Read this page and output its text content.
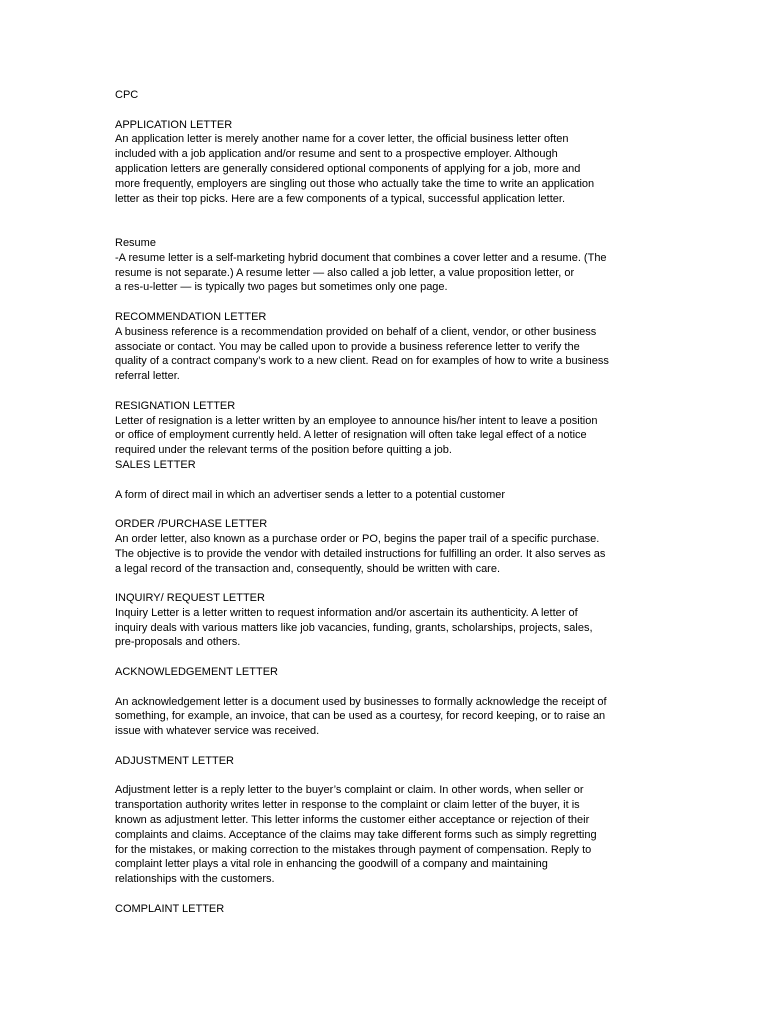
CPC
APPLICATION LETTER
An application letter is merely another name for a cover letter, the official business letter often
included with a job application and/or resume and sent to a prospective employer. Although
application letters are generally considered optional components of applying for a job, more and
more frequently, employers are singling out those who actually take the time to write an application
letter as their top picks. Here are a few components of a typical, successful application letter.
Resume
-A resume letter is a self-marketing hybrid document that combines a cover letter and a resume. (The
resume is not separate.) A resume letter — also called a job letter, a value proposition letter, or
a res-u-letter — is typically two pages but sometimes only one page.
RECOMMENDATION LETTER
A business reference is a recommendation provided on behalf of a client, vendor, or other business
associate or contact. You may be called upon to provide a business reference letter to verify the
quality of a contract company’s work to a new client. Read on for examples of how to write a business
referral letter.
RESIGNATION LETTER
Letter of resignation is a letter written by an employee to announce his/her intent to leave a position
or office of employment currently held. A letter of resignation will often take legal effect of a notice
required under the relevant terms of the position before quitting a job.
SALES LETTER
A form of direct mail in which an advertiser sends a letter to a potential customer
ORDER /PURCHASE LETTER
An order letter, also known as a purchase order or PO, begins the paper trail of a specific purchase.
The objective is to provide the vendor with detailed instructions for fulfilling an order. It also serves as
a legal record of the transaction and, consequently, should be written with care.
INQUIRY/ REQUEST LETTER
Inquiry Letter is a letter written to request information and/or ascertain its authenticity. A letter of
inquiry deals with various matters like job vacancies, funding, grants, scholarships, projects, sales,
pre-proposals and others.
ACKNOWLEDGEMENT LETTER
An acknowledgement letter is a document used by businesses to formally acknowledge the receipt of
something, for example, an invoice, that can be used as a courtesy, for record keeping, or to raise an
issue with whatever service was received.
ADJUSTMENT LETTER
Adjustment letter is a reply letter to the buyer’s complaint or claim. In other words, when seller or
transportation authority writes letter in response to the complaint or claim letter of the buyer, it is
known as adjustment letter. This letter informs the customer either acceptance or rejection of their
complaints and claims. Acceptance of the claims may take different forms such as simply regretting
for the mistakes, or making correction to the mistakes through payment of compensation. Reply to
complaint letter plays a vital role in enhancing the goodwill of a company and maintaining
relationships with the customers.
COMPLAINT LETTER
